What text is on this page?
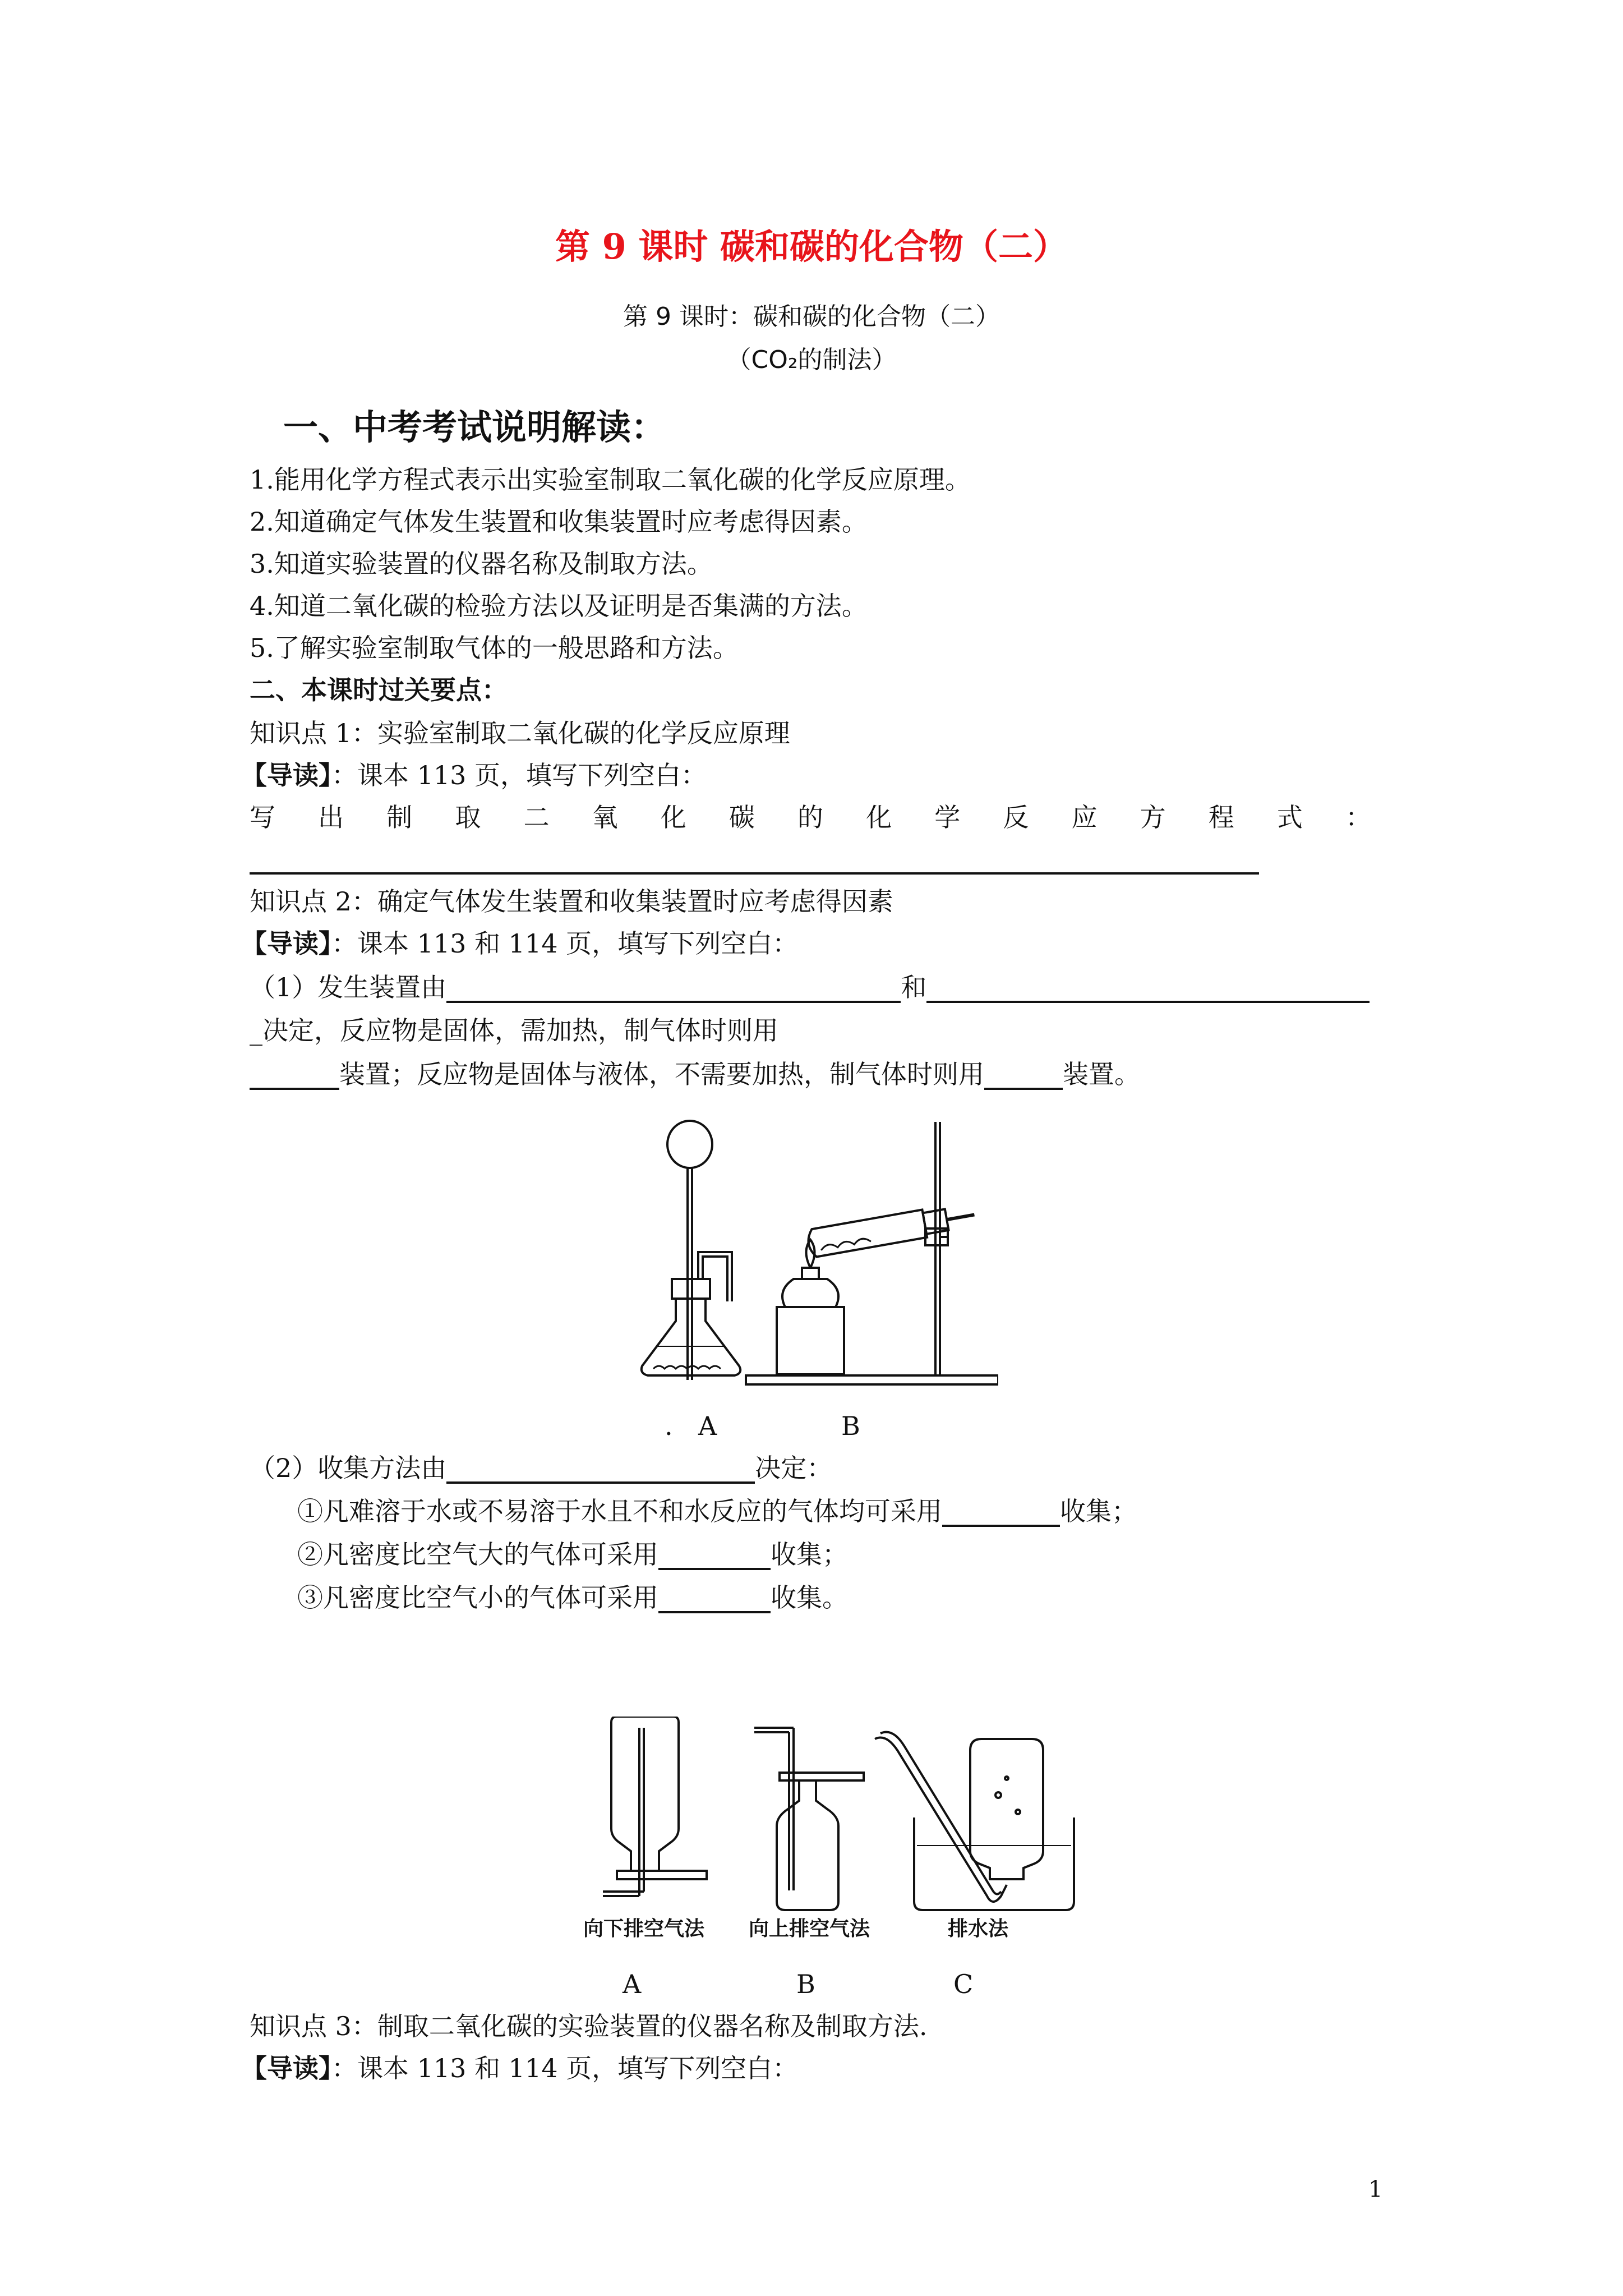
第 9 课时 碳和碳的化合物（二）
第 9 课时：碳和碳的化合物（二）
（CO₂的制法）
一、中考考试说明解读：
1.能用化学方程式表示出实验室制取二氧化碳的化学反应原理。
2.知道确定气体发生装置和收集装置时应考虑得因素。
3.知道实验装置的仪器名称及制取方法。
4.知道二氧化碳的检验方法以及证明是否集满的方法。
5.了解实验室制取气体的一般思路和方法。
二、本课时过关要点：
知识点 1：实验室制取二氧化碳的化学反应原理
【导读】：课本 113 页，填写下列空白：
写 出 制 取 二 氧 化 碳 的 化 学 反 应 方 程 式 ：
知识点 2：确定气体发生装置和收集装置时应考虑得因素
【导读】：课本 113 和 114 页，填写下列空白：
（1）发生装置由	和
_决定，反应物是固体，需加热，制气体时则用
装置；反应物是固体与液体，不需要加热，制气体时则用	装置。
. A	B
（2）收集方法由	决定：
①凡难溶于水或不易溶于水且不和水反应的气体均可采用	收集；
②凡密度比空气大的气体可采用	收集；
③凡密度比空气小的气体可采用	收集。
向下排空气法 向上排空气法	排水法
A	B	C
知识点 3：制取二氧化碳的实验装置的仪器名称及制取方法.
【导读】：课本 113 和 114 页，填写下列空白：
1
